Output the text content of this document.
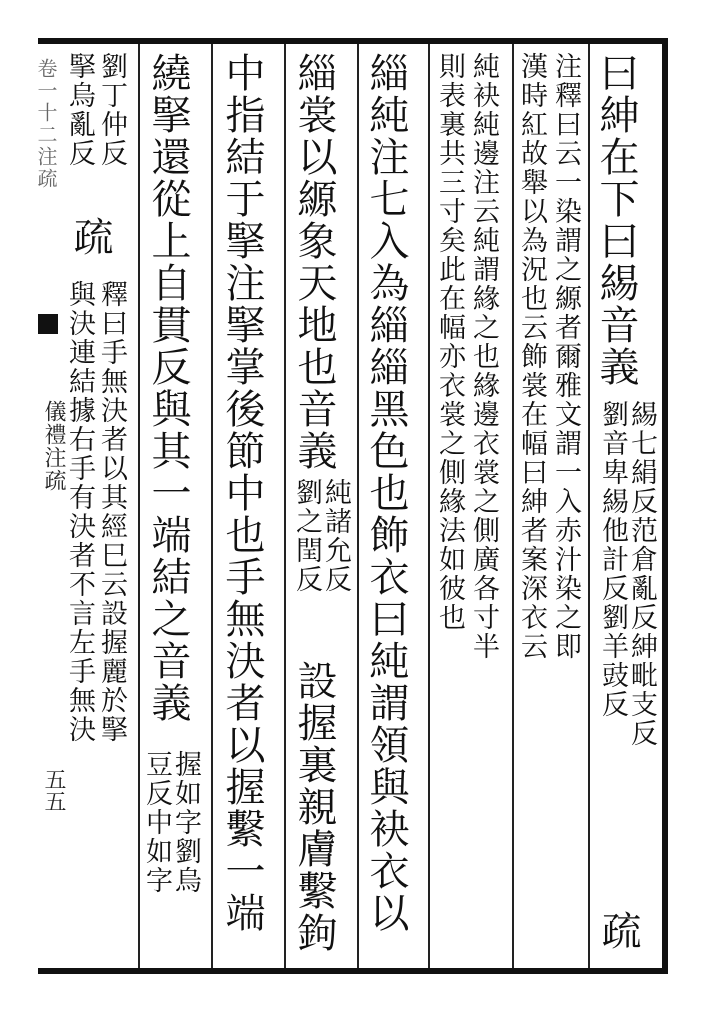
卷一十二注疏
儀禮注疏
五五
曰紳在下曰緆音義
緆七絹反范倉亂反紳毗支反
劉音卑緆他計反劉羊豉反
疏
注釋曰云一染謂之縓者爾雅文謂一入赤汁染之即
漢時紅故舉以為況也云飾裳在幅曰紳者案深衣云
純袂純邊注云純謂緣之也緣邊衣裳之側廣各寸半
則表裏共三寸矣此在幅亦衣裳之側緣法如彼也
緇純注七入為緇緇黑色也飾衣曰純謂領與袂衣以
緇裳以縓象天地也音義
純諸允反
劉之閏反
設握裏親膚繫鉤
中指結于掔注掔掌後節中也手無決者以握繫一端
繞掔還從上自貫反與其一端結之音義
握如字劉烏
豆反中如字
劉丁仲反
掔烏亂反
疏
釋曰手無決者以其經巳云設握麗於掔
與決連結據右手有決者不言左手無決
